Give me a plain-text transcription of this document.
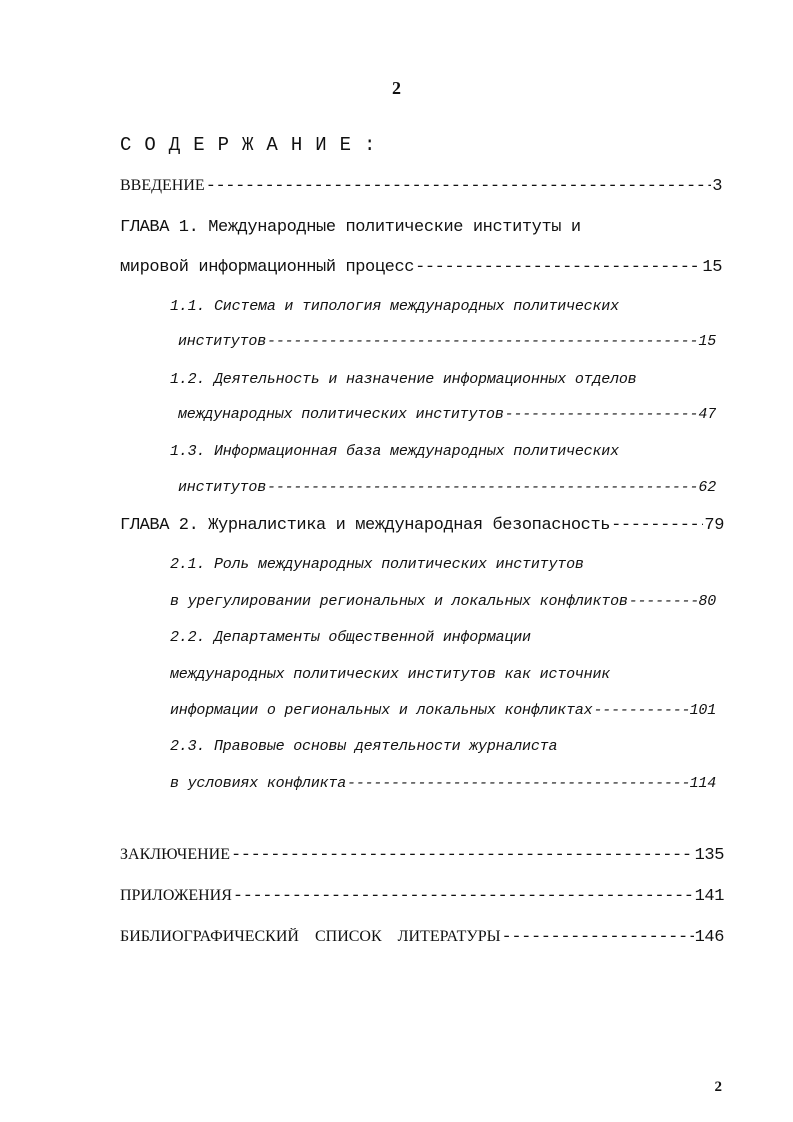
2
СОДЕРЖАНИЕ:
ВВЕДЕНИЕ -----	3
ГЛАВА 1. Международные политические институты и
мировой информационный процесс -----	15
1.1. Система и типология международных политических
институтов -----	15
1.2. Деятельность и назначение информационных отделов
международных политических институтов -----	47
1.3. Информационная база международных политических
институтов -----	62
ГЛАВА 2. Журналистика и международная безопасность -----	79
2.1. Роль международных политических институтов
в урегулировании региональных и локальных конфликтов -----	80
2.2. Департаменты общественной информации
международных политических институтов как источник
информации о региональных и локальных конфликтах -----	101
2.3. Правовые основы деятельности журналиста
в условиях конфликта -----	114
ЗАКЛЮЧЕНИЕ -----	135
ПРИЛОЖЕНИЯ -----	141
БИБЛИОГРАФИЧЕСКИЙ    СПИСОК    ЛИТЕРАТУРЫ -----	146
2
